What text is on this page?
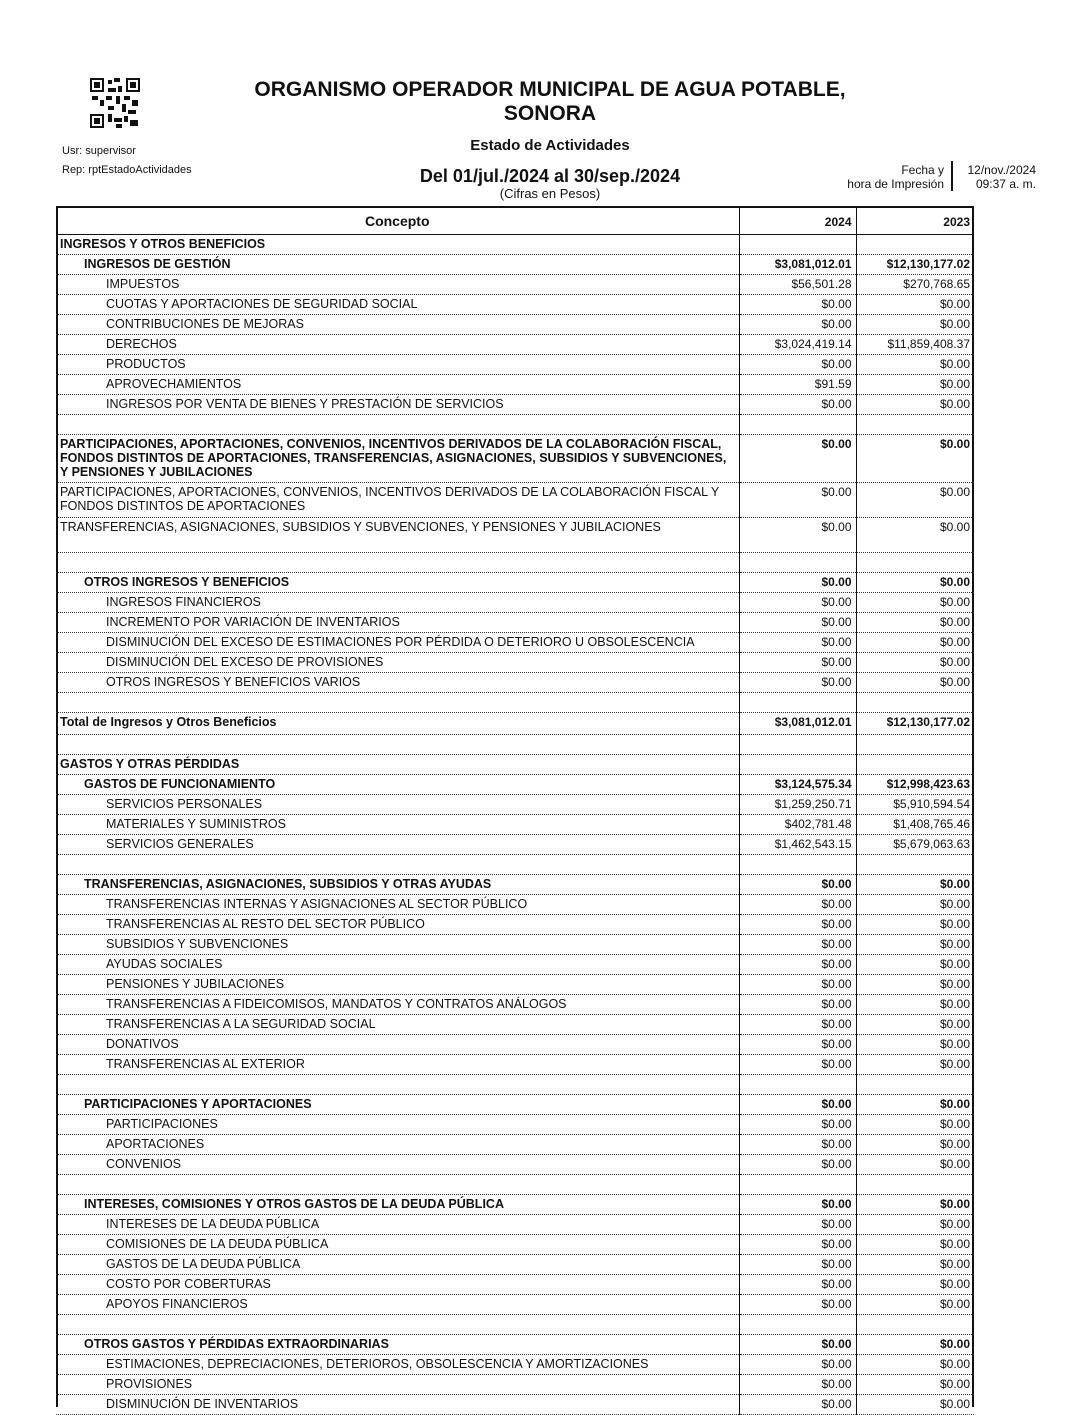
ORGANISMO OPERADOR MUNICIPAL DE AGUA POTABLE,
SONORA
Estado de Actividades
Usr: supervisor
Rep: rptEstadoActividades	Del 01/jul./2024 al 30/sep./2024
(Cifras en Pesos)
Fecha y
hora de Impresión
12/nov./2024
09:37 a. m.
Concepto	2024	2023
INGRESOS Y OTROS BENEFICIOS		
INGRESOS DE GESTIÓN	$3,081,012.01	$12,130,177.02
IMPUESTOS	$56,501.28	$270,768.65
CUOTAS Y APORTACIONES DE SEGURIDAD SOCIAL	$0.00	$0.00
CONTRIBUCIONES DE MEJORAS	$0.00	$0.00
DERECHOS	$3,024,419.14	$11,859,408.37
PRODUCTOS	$0.00	$0.00
APROVECHAMIENTOS	$91.59	$0.00
INGRESOS POR VENTA DE BIENES Y PRESTACIÓN DE SERVICIOS	$0.00	$0.00

PARTICIPACIONES, APORTACIONES, CONVENIOS, INCENTIVOS DERIVADOS DE LA COLABORACIÓN FISCAL, FONDOS DISTINTOS DE APORTACIONES, TRANSFERENCIAS, ASIGNACIONES, SUBSIDIOS Y SUBVENCIONES, Y PENSIONES Y JUBILACIONES	$0.00	$0.00
PARTICIPACIONES, APORTACIONES, CONVENIOS, INCENTIVOS DERIVADOS DE LA COLABORACIÓN FISCAL Y FONDOS DISTINTOS DE APORTACIONES	$0.00	$0.00
TRANSFERENCIAS, ASIGNACIONES, SUBSIDIOS Y SUBVENCIONES, Y PENSIONES Y JUBILACIONES	$0.00	$0.00

OTROS INGRESOS Y BENEFICIOS	$0.00	$0.00
INGRESOS FINANCIEROS	$0.00	$0.00
INCREMENTO POR VARIACIÓN DE INVENTARIOS	$0.00	$0.00
DISMINUCIÓN DEL EXCESO DE ESTIMACIONES POR PÉRDIDA O DETERIORO U OBSOLESCENCIA	$0.00	$0.00
DISMINUCIÓN DEL EXCESO DE PROVISIONES	$0.00	$0.00
OTROS INGRESOS Y BENEFICIOS VARIOS	$0.00	$0.00

Total de Ingresos y Otros Beneficios	$3,081,012.01	$12,130,177.02

GASTOS Y OTRAS PÉRDIDAS		
GASTOS DE FUNCIONAMIENTO	$3,124,575.34	$12,998,423.63
SERVICIOS PERSONALES	$1,259,250.71	$5,910,594.54
MATERIALES Y SUMINISTROS	$402,781.48	$1,408,765.46
SERVICIOS GENERALES	$1,462,543.15	$5,679,063.63

TRANSFERENCIAS, ASIGNACIONES, SUBSIDIOS Y OTRAS AYUDAS	$0.00	$0.00
TRANSFERENCIAS INTERNAS Y ASIGNACIONES AL SECTOR PÚBLICO	$0.00	$0.00
TRANSFERENCIAS AL RESTO DEL SECTOR PÚBLICO	$0.00	$0.00
SUBSIDIOS Y SUBVENCIONES	$0.00	$0.00
AYUDAS SOCIALES	$0.00	$0.00
PENSIONES Y JUBILACIONES	$0.00	$0.00
TRANSFERENCIAS A FIDEICOMISOS, MANDATOS Y CONTRATOS ANÁLOGOS	$0.00	$0.00
TRANSFERENCIAS A LA SEGURIDAD SOCIAL	$0.00	$0.00
DONATIVOS	$0.00	$0.00
TRANSFERENCIAS AL EXTERIOR	$0.00	$0.00

PARTICIPACIONES Y APORTACIONES	$0.00	$0.00
PARTICIPACIONES	$0.00	$0.00
APORTACIONES	$0.00	$0.00
CONVENIOS	$0.00	$0.00

INTERESES, COMISIONES Y OTROS GASTOS DE LA DEUDA PÚBLICA	$0.00	$0.00
INTERESES DE LA DEUDA PÚBLICA	$0.00	$0.00
COMISIONES DE LA DEUDA PÚBLICA	$0.00	$0.00
GASTOS DE LA DEUDA PÚBLICA	$0.00	$0.00
COSTO POR COBERTURAS	$0.00	$0.00
APOYOS FINANCIEROS	$0.00	$0.00

OTROS GASTOS Y PÉRDIDAS EXTRAORDINARIAS	$0.00	$0.00
ESTIMACIONES, DEPRECIACIONES, DETERIOROS, OBSOLESCENCIA Y AMORTIZACIONES	$0.00	$0.00
PROVISIONES	$0.00	$0.00
DISMINUCIÓN DE INVENTARIOS	$0.00	$0.00
